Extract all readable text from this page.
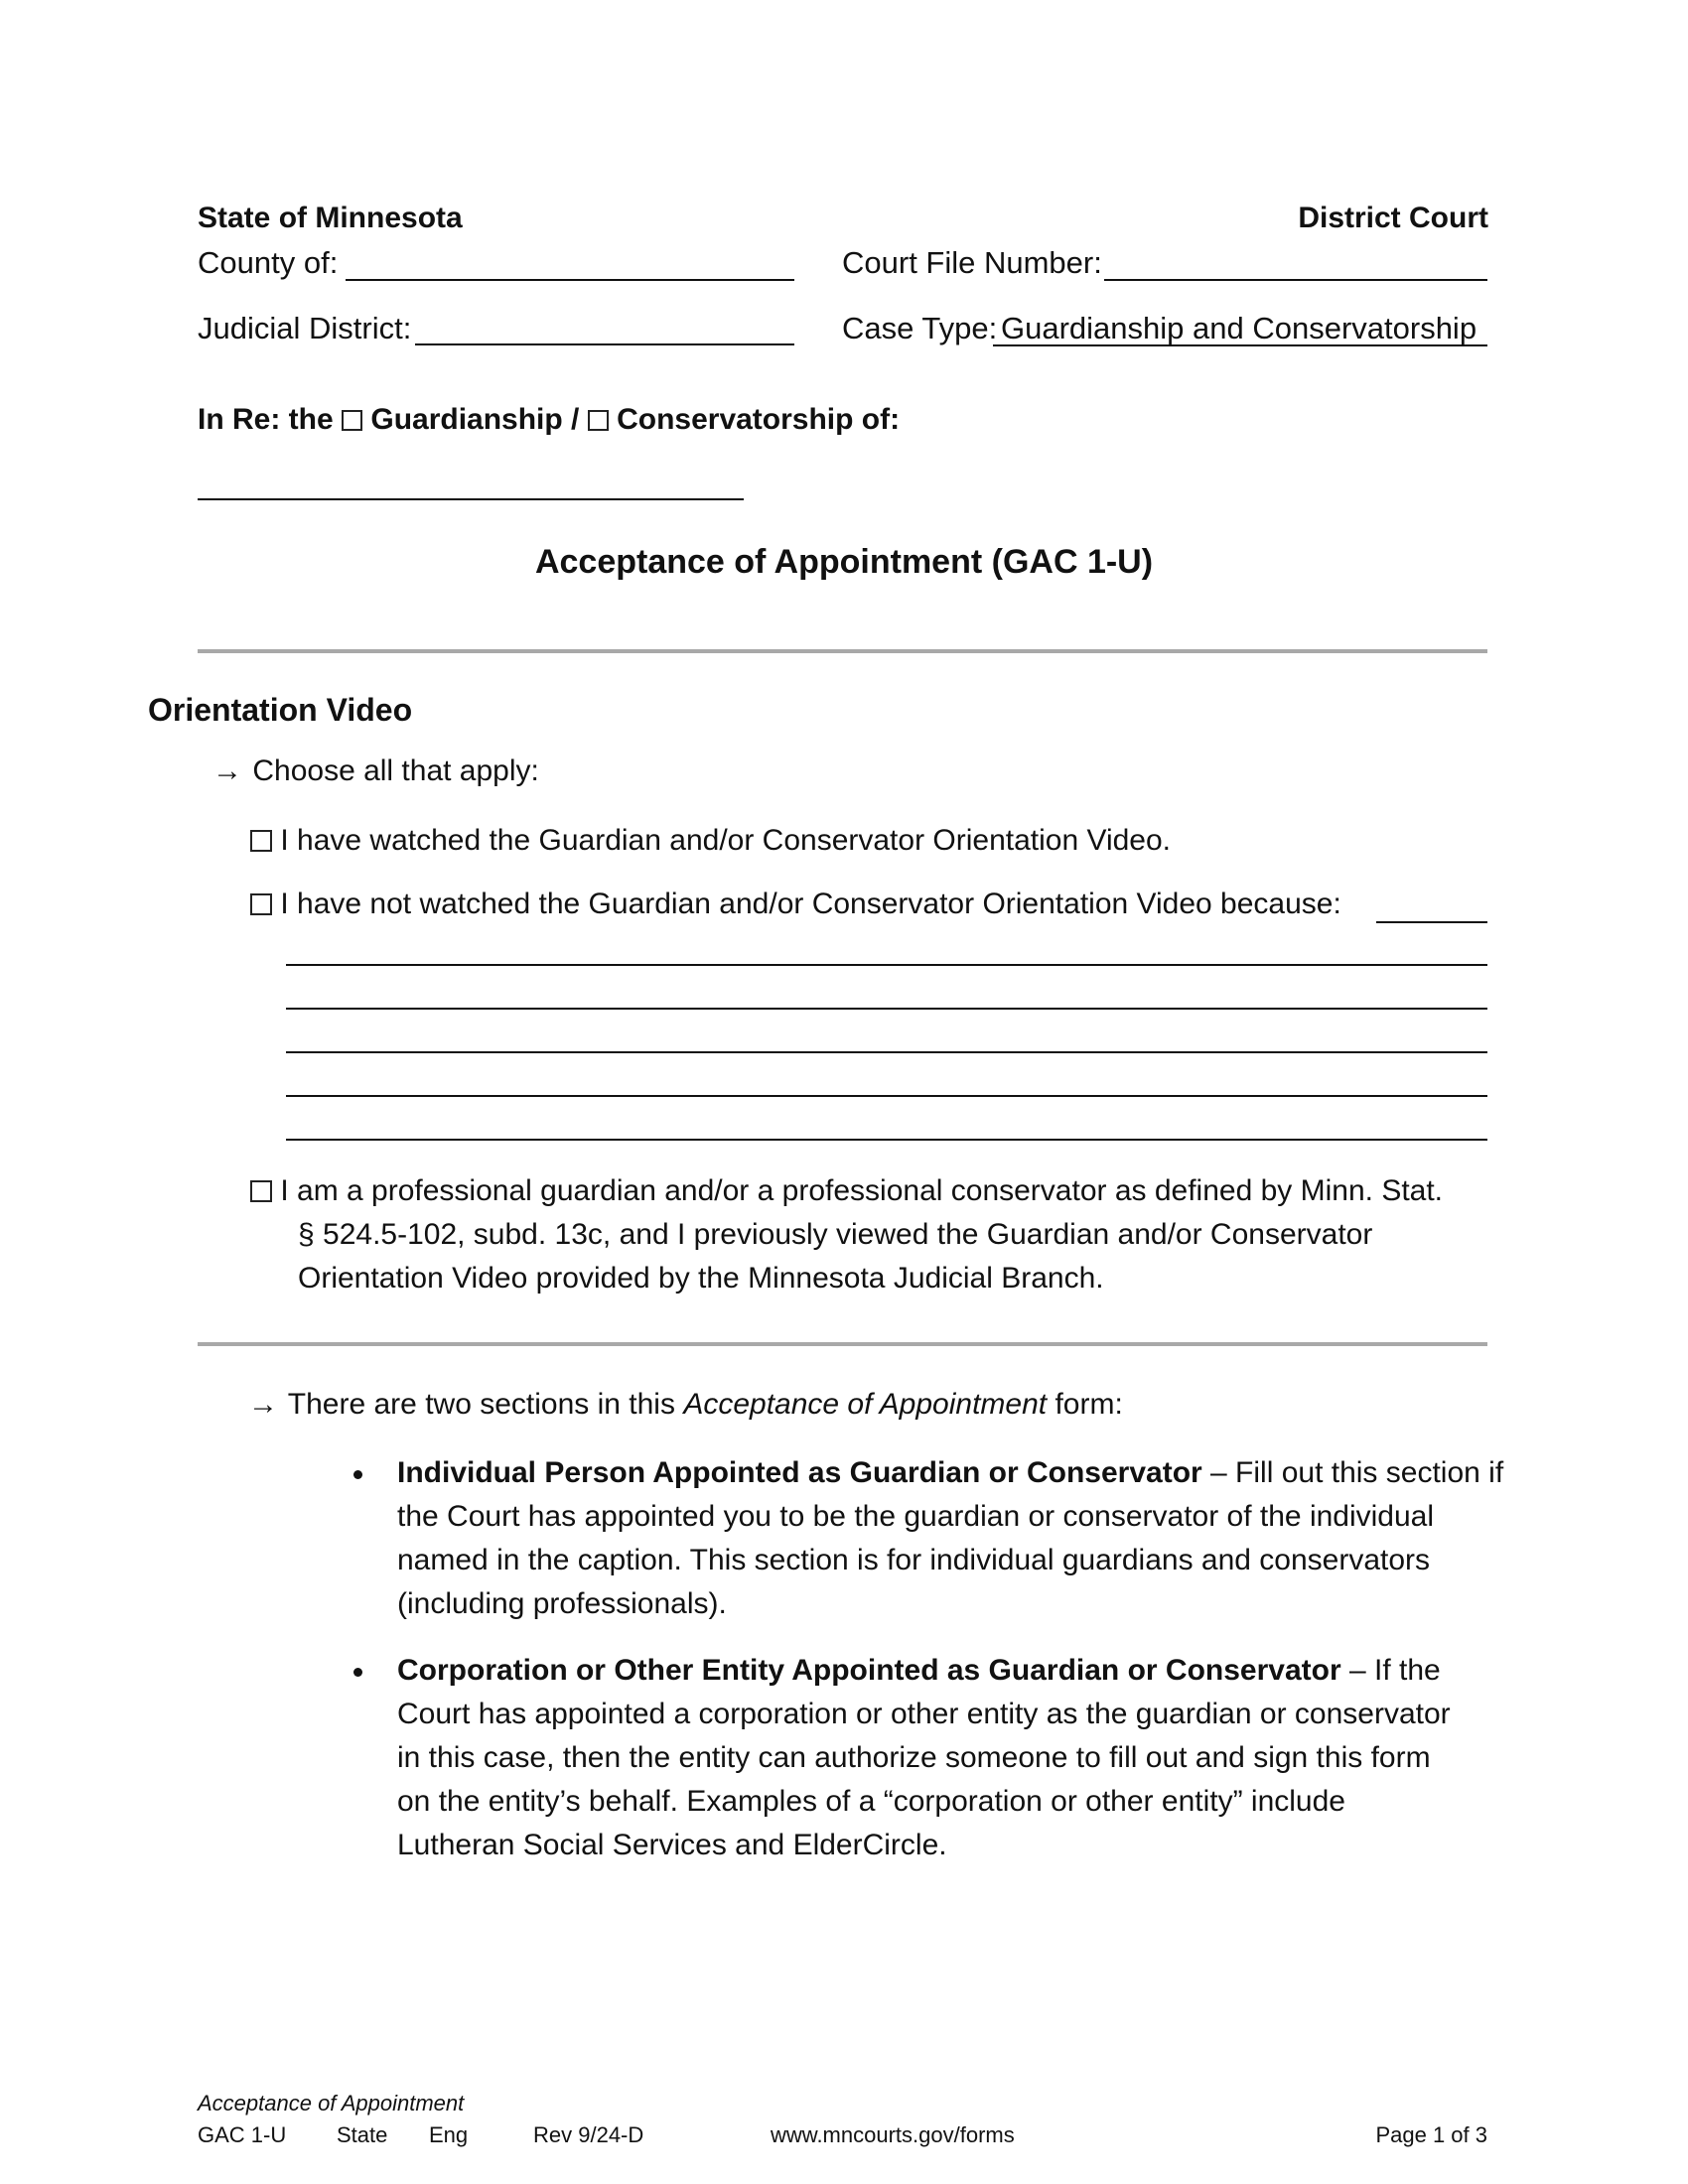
State of Minnesota	District Court
County of:	Court File Number:
Judicial District:	Case Type: Guardianship and Conservatorship
In Re: the Guardianship / Conservatorship of:
Acceptance of Appointment (GAC 1-U)
Orientation Video
→ Choose all that apply:
I have watched the Guardian and/or Conservator Orientation Video.
I have not watched the Guardian and/or Conservator Orientation Video because:
I am a professional guardian and/or a professional conservator as defined by Minn. Stat.
§ 524.5-102, subd. 13c, and I previously viewed the Guardian and/or Conservator
Orientation Video provided by the Minnesota Judicial Branch.
→ There are two sections in this Acceptance of Appointment form:
Individual Person Appointed as Guardian or Conservator – Fill out this section if
the Court has appointed you to be the guardian or conservator of the individual
named in the caption. This section is for individual guardians and conservators
(including professionals).
Corporation or Other Entity Appointed as Guardian or Conservator – If the
Court has appointed a corporation or other entity as the guardian or conservator
in this case, then the entity can authorize someone to fill out and sign this form
on the entity’s behalf. Examples of a “corporation or other entity” include
Lutheran Social Services and ElderCircle.
Acceptance of Appointment
GAC 1-U State Eng	Rev 9/24-D	www.mncourts.gov/forms	Page 1 of 3
